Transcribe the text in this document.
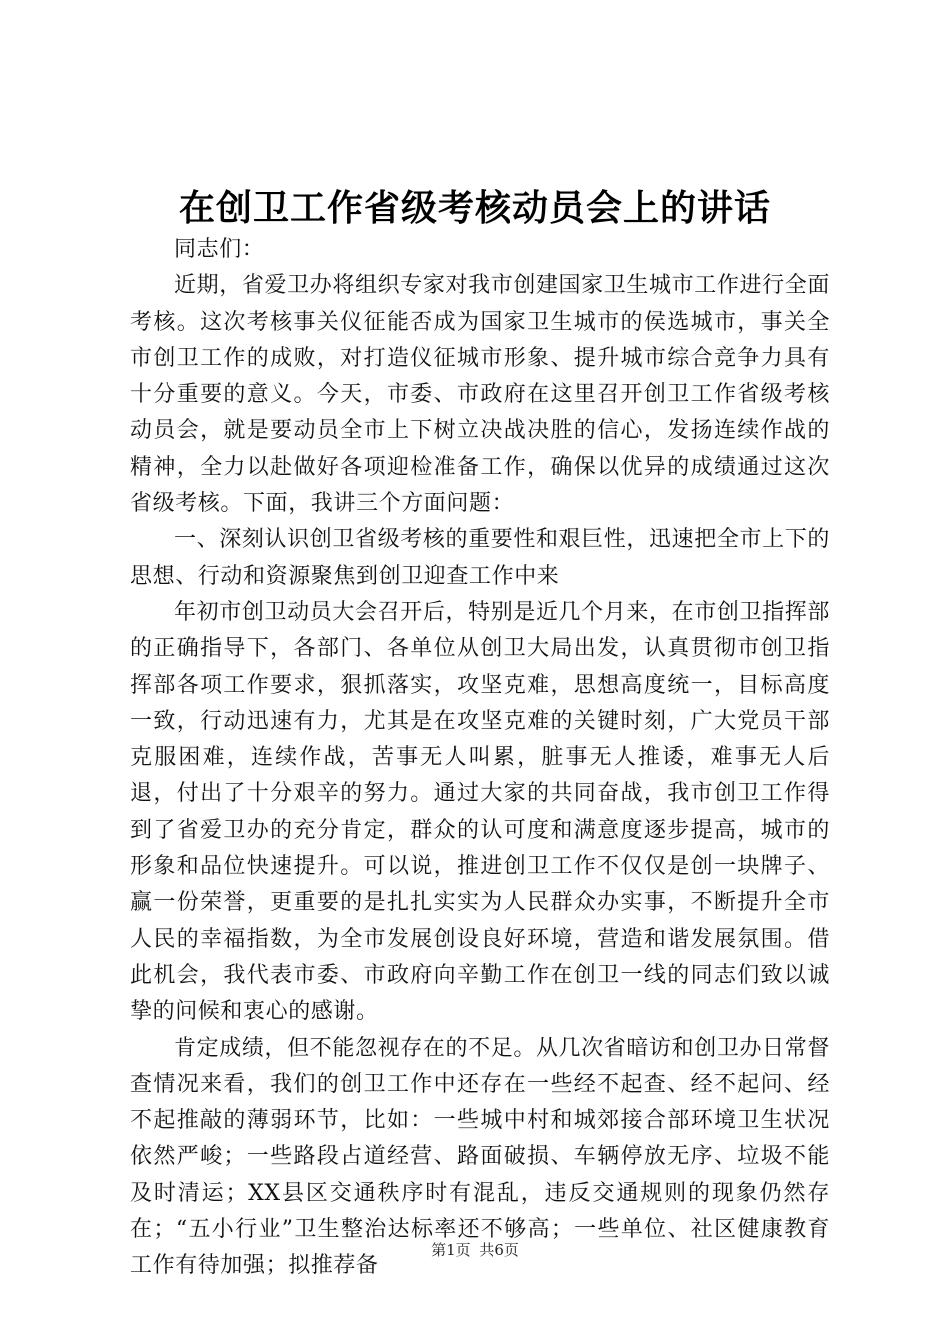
在创卫工作省级考核动员会上的讲话

同志们：

近期，省爱卫办将组织专家对我市创建国家卫生城市工作进行全面考核。这次考核事关仪征能否成为国家卫生城市的侯选城市，事关全市创卫工作的成败，对打造仪征城市形象、提升城市综合竞争力具有十分重要的意义。今天，市委、市政府在这里召开创卫工作省级考核动员会，就是要动员全市上下树立决战决胜的信心，发扬连续作战的精神，全力以赴做好各项迎检准备工作，确保以优异的成绩通过这次省级考核。下面，我讲三个方面问题：

一、深刻认识创卫省级考核的重要性和艰巨性，迅速把全市上下的思想、行动和资源聚焦到创卫迎查工作中来

年初市创卫动员大会召开后，特别是近几个月来，在市创卫指挥部的正确指导下，各部门、各单位从创卫大局出发，认真贯彻市创卫指挥部各项工作要求，狠抓落实，攻坚克难，思想高度统一，目标高度一致，行动迅速有力，尤其是在攻坚克难的关键时刻，广大党员干部克服困难，连续作战，苦事无人叫累，脏事无人推诿，难事无人后退，付出了十分艰辛的努力。通过大家的共同奋战，我市创卫工作得到了省爱卫办的充分肯定，群众的认可度和满意度逐步提高，城市的形象和品位快速提升。可以说，推进创卫工作不仅仅是创一块牌子、赢一份荣誉，更重要的是扎扎实实为人民群众办实事，不断提升全市人民的幸福指数，为全市发展创设良好环境，营造和谐发展氛围。借此机会，我代表市委、市政府向辛勤工作在创卫一线的同志们致以诚挚的问候和衷心的感谢。

肯定成绩，但不能忽视存在的不足。从几次省暗访和创卫办日常督查情况来看，我们的创卫工作中还存在一些经不起查、经不起问、经不起推敲的薄弱环节，比如：一些城中村和城郊接合部环境卫生状况依然严峻；一些路段占道经营、路面破损、车辆停放无序、垃圾不能及时清运；XX县区交通秩序时有混乱，违反交通规则的现象仍然存在；“五小行业”卫生整治达标率还不够高；一些单位、社区健康教育工作有待加强；拟推荐备

第1页 共6页
